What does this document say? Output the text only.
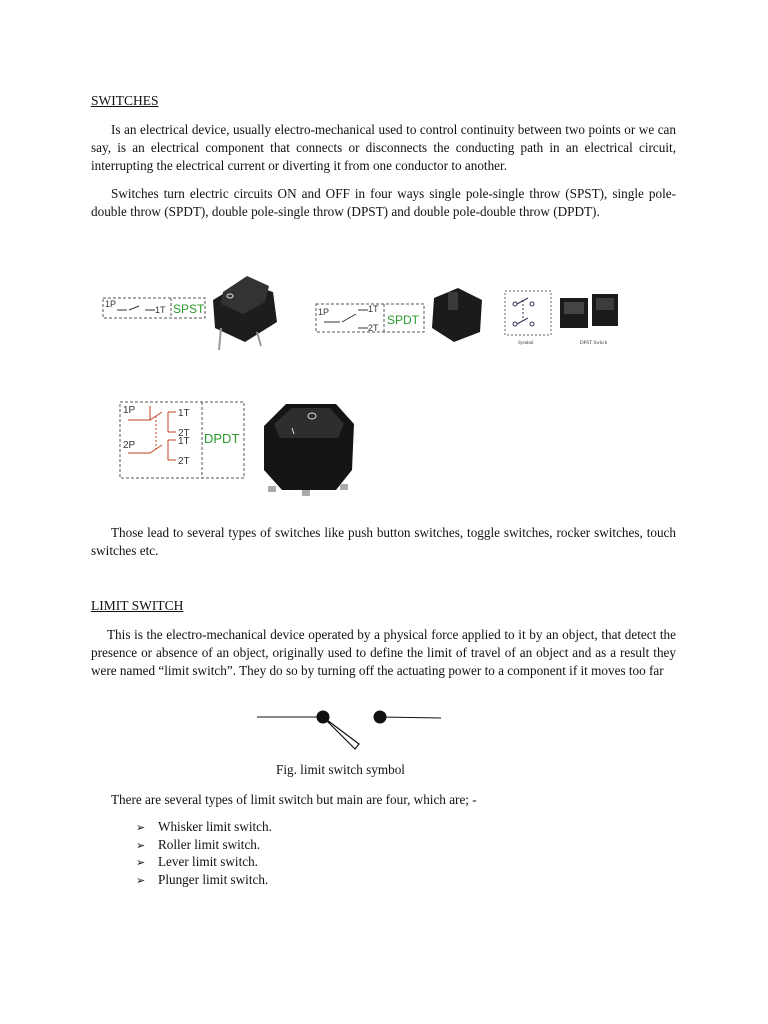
SWITCHES

Is an electrical device, usually electro-mechanical used to control continuity between two points or we can say, is an electrical component that connects or disconnects the conducting path in an electrical circuit, interrupting the electrical current or diverting it from one conductor to another.

Switches turn electric circuits ON and OFF in four ways single pole-single throw (SPST), single pole-double throw (SPDT), double pole-single throw (DPST) and double pole-double throw (DPDT).

1P
1T SPST	1P	1T
2T
SPDT
Symbol	DPST Switch
1P
2P
1T
2T
1T
2T
DPDT

Those lead to several types of switches like push button switches, toggle switches, rocker switches, touch switches etc.

LIMIT SWITCH

This is the electro-mechanical device operated by a physical force applied to it by an object, that detect the presence or absence of an object, originally used to define the limit of travel of an object and as a result they were named “limit switch”. They do so by turning off the actuating power to a component if it moves too far

Fig. limit switch symbol

There are several types of limit switch but main are four, which are; -

➢ Whisker limit switch.
➢ Roller limit switch.
➢ Lever limit switch.
➢ Plunger limit switch.
